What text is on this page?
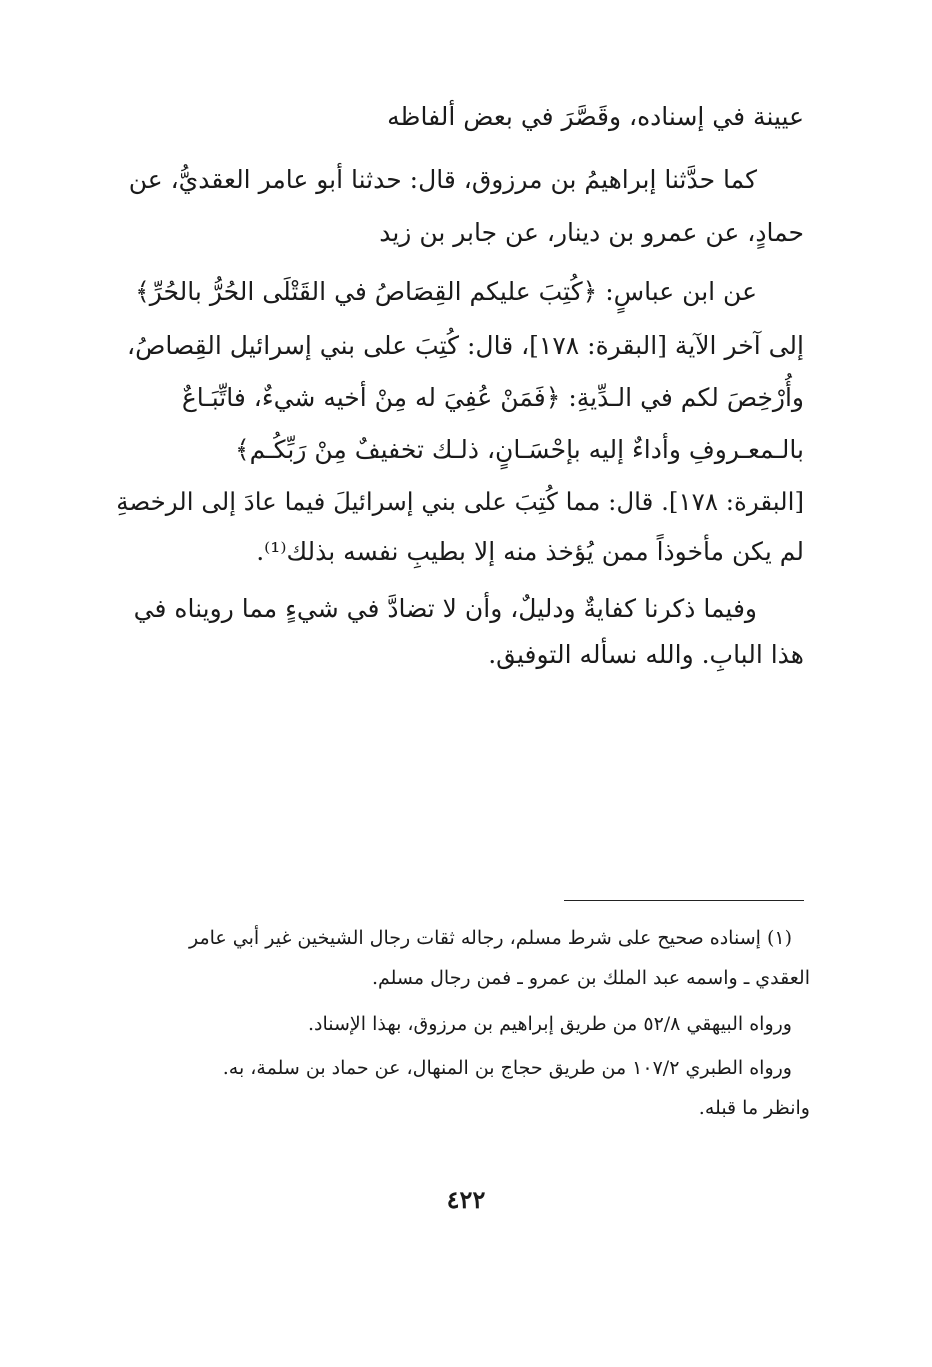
عيينة في إسناده، وقَصَّرَ في بعض ألفاظه
كما حدَّثنا إبراهيمُ بن مرزوق، قال: حدثنا أبو عامر العقديُّ، عن
حمادٍ، عن عمرو بن دينار، عن جابر بن زيد
عن ابن عباسٍ: ﴿كُتِبَ عليكم القِصَاصُ في القَتْلَى الحُرُّ بالحُرِّ﴾
إلى آخر الآية [البقرة: ١٧٨]، قال: كُتِبَ على بني إسرائيل القِصاصُ،
وأُرْخِصَ لكم في الـدِّيةِ: ﴿فَمَنْ عُفِيَ له مِنْ أخيه شيءٌ، فاتِّبَـاعٌ
بالـمعـروفِ وأداءٌ إليه بإحْسَـانٍ، ذلـك تخفيفٌ مِنْ رَبِّكُـم﴾
[البقرة: ١٧٨]. قال: مما كُتِبَ على بني إسرائيلَ فيما عادَ إلى الرخصةِ
لم يكن مأخوذاً ممن يُؤخذ منه إلا بطيبِ نفسه بذلك⁽¹⁾.
وفيما ذكرنا كفايةٌ ودليلٌ، وأن لا تضادَّ في شيءٍ مما رويناه في
هذا البابِ. والله نسأله التوفيق.
(١) إسناده صحيح على شرط مسلم، رجاله ثقات رجال الشيخين غير أبي عامر
العقدي ـ واسمه عبد الملك بن عمرو ـ فمن رجال مسلم.
ورواه البيهقي ٥٢/٨ من طريق إبراهيم بن مرزوق، بهذا الإسناد.
ورواه الطبري ١٠٧/٢ من طريق حجاج بن المنهال، عن حماد بن سلمة، به.
وانظر ما قبله.
٤٢٢
